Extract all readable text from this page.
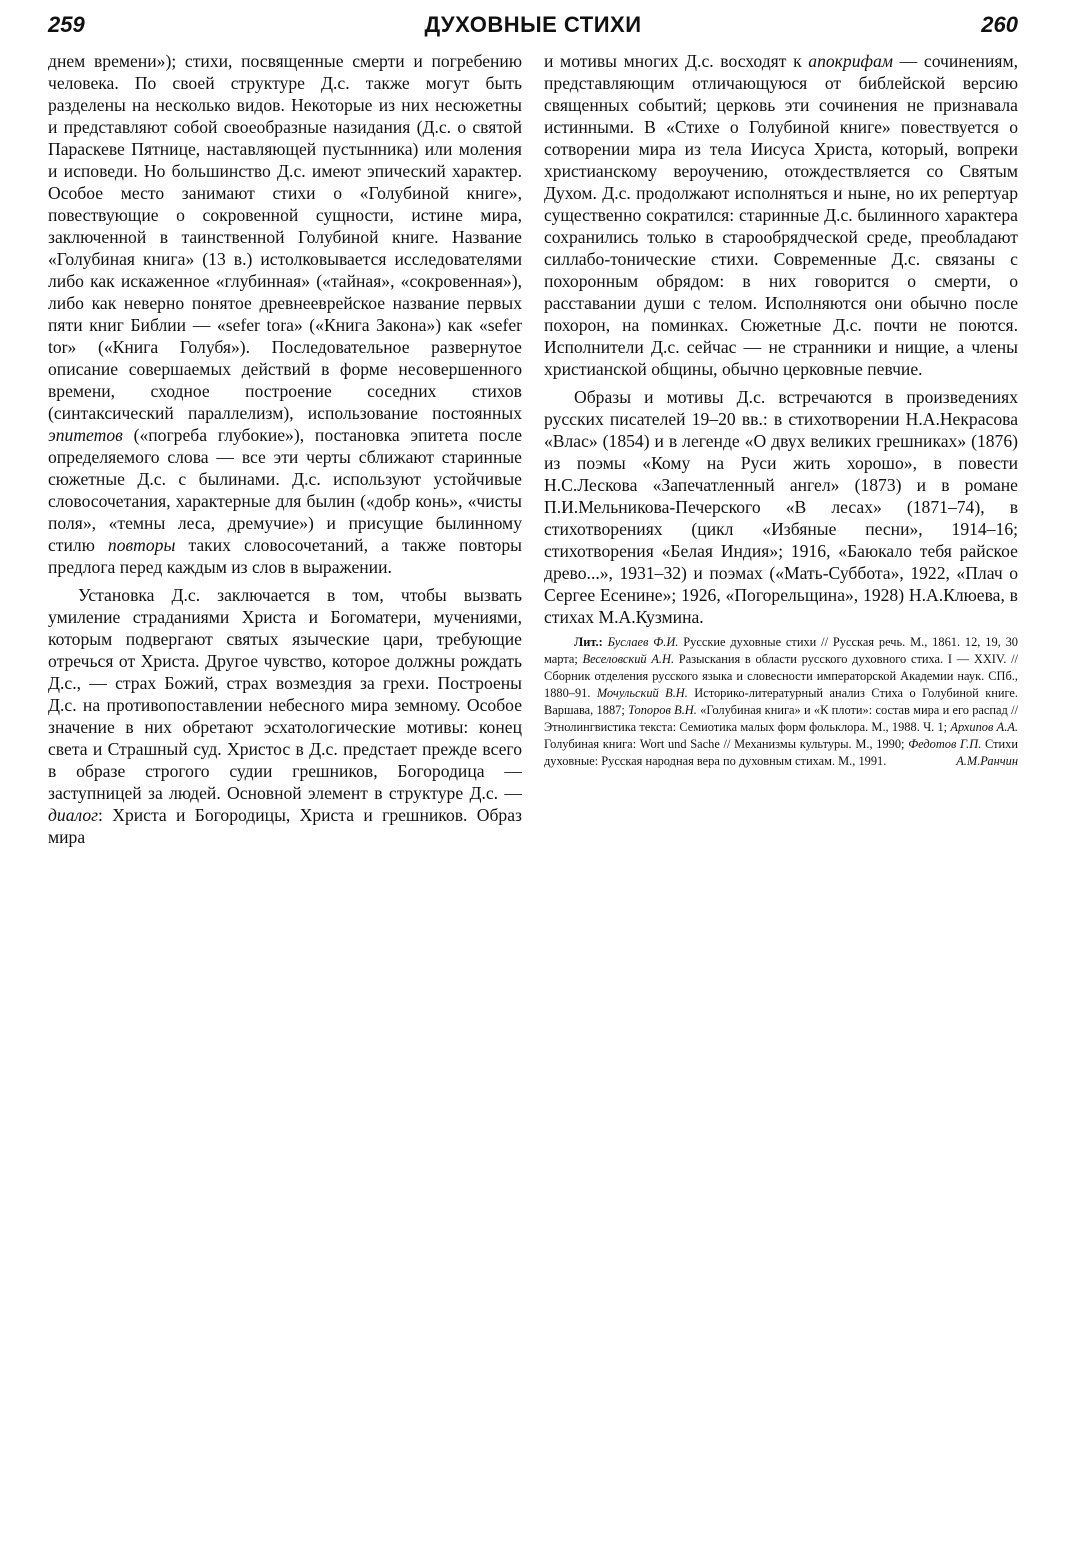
259	ДУХОВНЫЕ СТИХИ	260

днем времени»); стихи, посвященные смерти и погребению человека. По своей структуре Д.с. также могут быть разделены на несколько видов. Некоторые из них несюжетны и представляют собой своеобразные назидания (Д.с. о святой Параскеве Пятнице, наставляющей пустынника) или моления и исповеди. Но большинство Д.с. имеют эпический характер. Особое место занимают стихи о «Голубиной книге», повествующие о сокровенной сущности, истине мира, заключенной в таинственной Голубиной книге. Название «Голубиная книга» (13 в.) истолковывается исследователями либо как искаженное «глубинная» («тайная», «сокровенная»), либо как неверно понятое древнееврейское название первых пяти книг Библии — «sefer tora» («Книга Закона») как «sefer tor» («Книга Голубя»). Последовательное развернутое описание совершаемых действий в форме несовершенного времени, сходное построение соседних стихов (синтаксический параллелизм), использование постоянных эпитетов («погреба глубокие»), постановка эпитета после определяемого слова — все эти черты сближают старинные сюжетные Д.с. с былинами. Д.с. используют устойчивые словосочетания, характерные для былин («добр конь», «чисты поля», «темны леса, дремучие») и присущие былинному стилю повторы таких словосочетаний, а также повторы предлога перед каждым из слов в выражении.

Установка Д.с. заключается в том, чтобы вызвать умиление страданиями Христа и Богоматери, мучениями, которым подвергают святых языческие цари, требующие отречься от Христа. Другое чувство, которое должны рождать Д.с., — страх Божий, страх возмездия за грехи. Построены Д.с. на противопоставлении небесного мира земному. Особое значение в них обретают эсхатологические мотивы: конец света и Страшный суд. Христос в Д.с. предстает прежде всего в образе строгого судии грешников, Богородица — заступницей за людей. Основной элемент в структуре Д.с. — диалог: Христа и Богородицы, Христа и грешников. Образ мира

и мотивы многих Д.с. восходят к апокрифам — сочинениям, представляющим отличающуюся от библейской версию священных событий; церковь эти сочинения не признавала истинными. В «Стихе о Голубиной книге» повествуется о сотворении мира из тела Иисуса Христа, который, вопреки христианскому вероучению, отождествляется со Святым Духом. Д.с. продолжают исполняться и ныне, но их репертуар существенно сократился: старинные Д.с. былинного характера сохранились только в старообрядческой среде, преобладают силлабо-тонические стихи. Современные Д.с. связаны с похоронным обрядом: в них говорится о смерти, о расставании души с телом. Исполняются они обычно после похорон, на поминках. Сюжетные Д.с. почти не поются. Исполнители Д.с. сейчас — не странники и нищие, а члены христианской общины, обычно церковные певчие.

Образы и мотивы Д.с. встречаются в произведениях русских писателей 19–20 вв.: в стихотворении Н.А.Некрасова «Влас» (1854) и в легенде «О двух великих грешниках» (1876) из поэмы «Кому на Руси жить хорошо», в повести Н.С.Лескова «Запечатленный ангел» (1873) и в романе П.И.Мельникова-Печерского «В лесах» (1871–74), в стихотворениях (цикл «Избяные песни», 1914–16; стихотворения «Белая Индия»; 1916, «Баюкало тебя райское древо...», 1931–32) и поэмах («Мать-Суббота», 1922, «Плач о Сергее Есенине»; 1926, «Погорельщина», 1928) Н.А.Клюева, в стихах М.А.Кузмина.

Лит.: Буслаев Ф.И. Русские духовные стихи // Русская речь. М., 1861. 12, 19, 30 марта; Веселовский А.Н. Разыскания в области русского духовного стиха. I — XXIV. // Сборник отделения русского языка и словесности императорской Академии наук. СПб., 1880–91. Мочульский В.Н. Историко-литературный анализ Стиха о Голубиной книге. Варшава, 1887; Топоров В.Н. «Голубиная книга» и «К плоти»: состав мира и его распад // Этнолингвистика текста: Семиотика малых форм фольклора. М., 1988. Ч. 1; Архипов А.А. Голубиная книга: Wort und Sache // Механизмы культуры. М., 1990; Федотов Г.П. Стихи духовные: Русская народная вера по духовным стихам. М., 1991.	А.М.Ранчин
